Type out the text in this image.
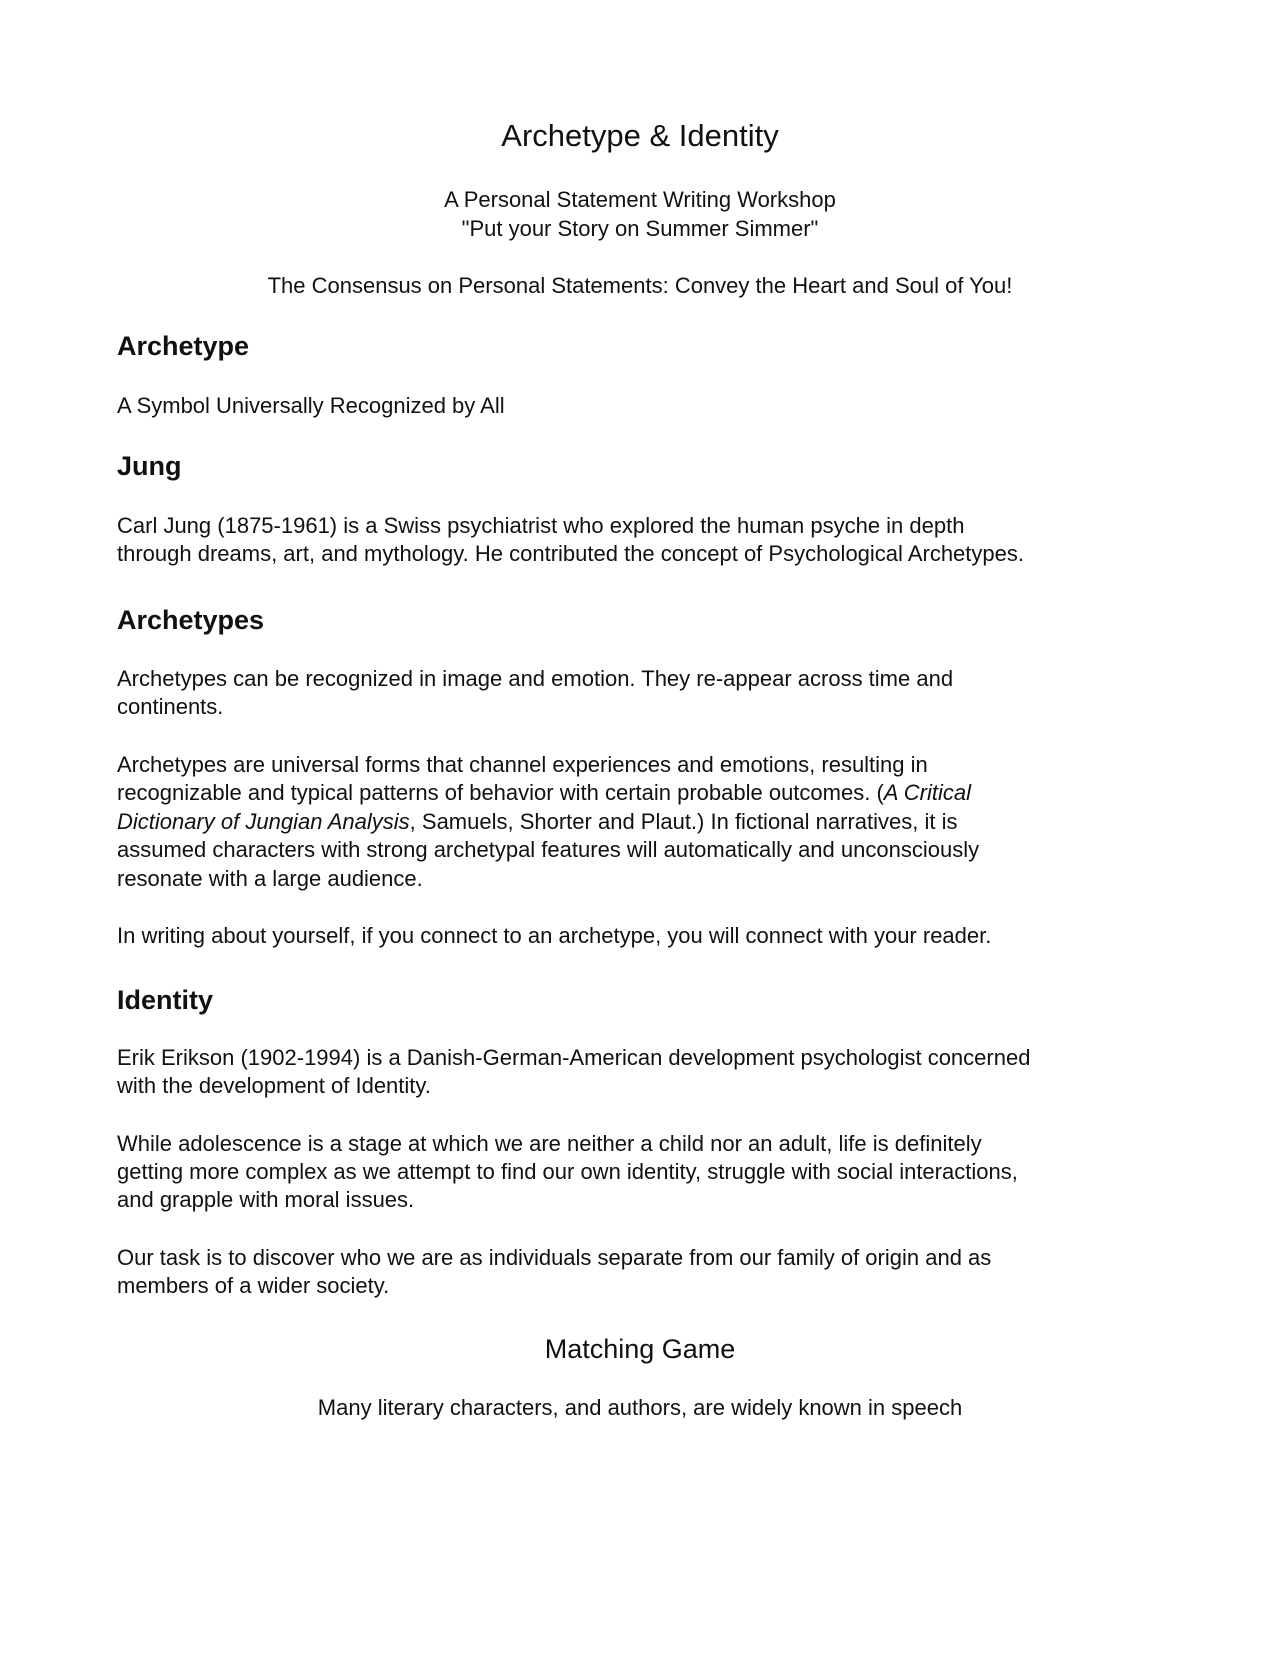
Archetype & Identity

A Personal Statement Writing Workshop

"Put your Story on Summer Simmer"

The Consensus on Personal Statements: Convey the Heart and Soul of You!

Archetype

A Symbol Universally Recognized by All

Jung

Carl Jung (1875-1961) is a Swiss psychiatrist who explored the human psyche in depth

through dreams, art, and mythology. He contributed the concept of Psychological Archetypes.

Archetypes

Archetypes can be recognized in image and emotion. They re-appear across time and

continents.

Archetypes are universal forms that channel experiences and emotions, resulting in

recognizable and typical patterns of behavior with certain probable outcomes. (A Critical

Dictionary of Jungian Analysis, Samuels, Shorter and Plaut.) In fictional narratives, it is

assumed characters with strong archetypal features will automatically and unconsciously

resonate with a large audience.

In writing about yourself, if you connect to an archetype, you will connect with your reader.

Identity

Erik Erikson (1902-1994) is a Danish-German-American development psychologist concerned

with the development of Identity.

While adolescence is a stage at which we are neither a child nor an adult, life is definitely

getting more complex as we attempt to find our own identity, struggle with social interactions,

and grapple with moral issues.

Our task is to discover who we are as individuals separate from our family of origin and as

members of a wider society.

Matching Game

Many literary characters, and authors, are widely known in speech
